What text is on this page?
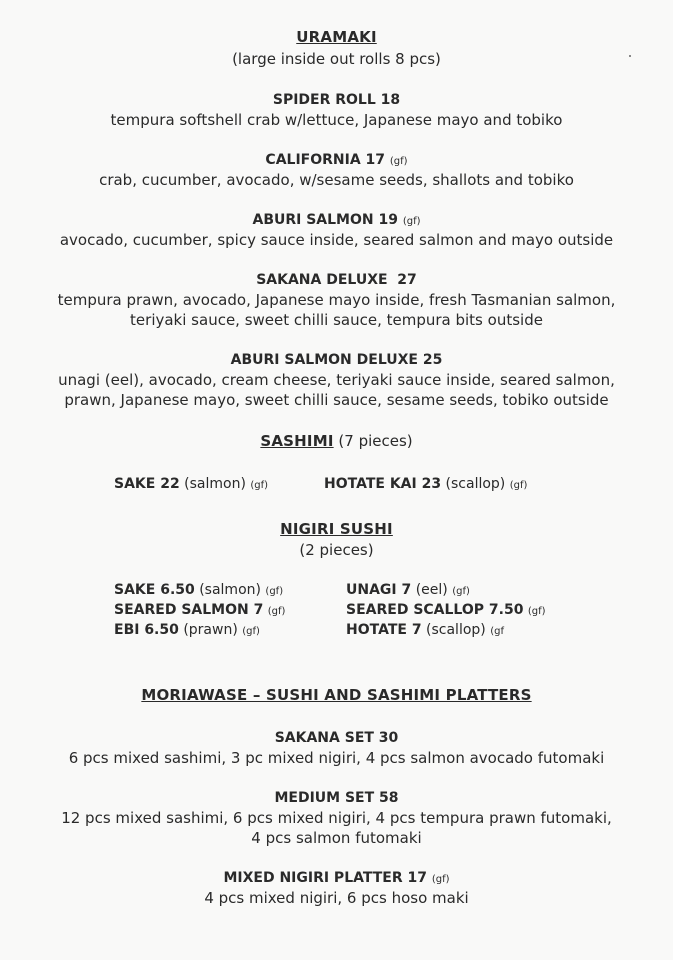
URAMAKI
(large inside out rolls 8 pcs)
SPIDER ROLL 18
tempura softshell crab w/lettuce, Japanese mayo and tobiko
CALIFORNIA 17 (gf)
crab, cucumber, avocado, w/sesame seeds, shallots and tobiko
ABURI SALMON 19 (gf)
avocado, cucumber, spicy sauce inside, seared salmon and mayo outside
SAKANA DELUXE  27
tempura prawn, avocado, Japanese mayo inside, fresh Tasmanian salmon,
teriyaki sauce, sweet chilli sauce, tempura bits outside
ABURI SALMON DELUXE 25
unagi (eel), avocado, cream cheese, teriyaki sauce inside, seared salmon,
prawn, Japanese mayo, sweet chilli sauce, sesame seeds, tobiko outside
SASHIMI (7 pieces)
SAKE 22 (salmon) (gf)	HOTATE KAI 23 (scallop) (gf)
NIGIRI SUSHI
(2 pieces)
SAKE 6.50 (salmon) (gf)
SEARED SALMON 7 (gf)
EBI 6.50 (prawn) (gf)
UNAGI 7 (eel) (gf)
SEARED SCALLOP 7.50 (gf)
HOTATE 7 (scallop) (gf
MORIAWASE – SUSHI AND SASHIMI PLATTERS
SAKANA SET 30
6 pcs mixed sashimi, 3 pc mixed nigiri, 4 pcs salmon avocado futomaki
MEDIUM SET 58
12 pcs mixed sashimi, 6 pcs mixed nigiri, 4 pcs tempura prawn futomaki,
4 pcs salmon futomaki
MIXED NIGIRI PLATTER 17 (gf)
4 pcs mixed nigiri, 6 pcs hoso maki
